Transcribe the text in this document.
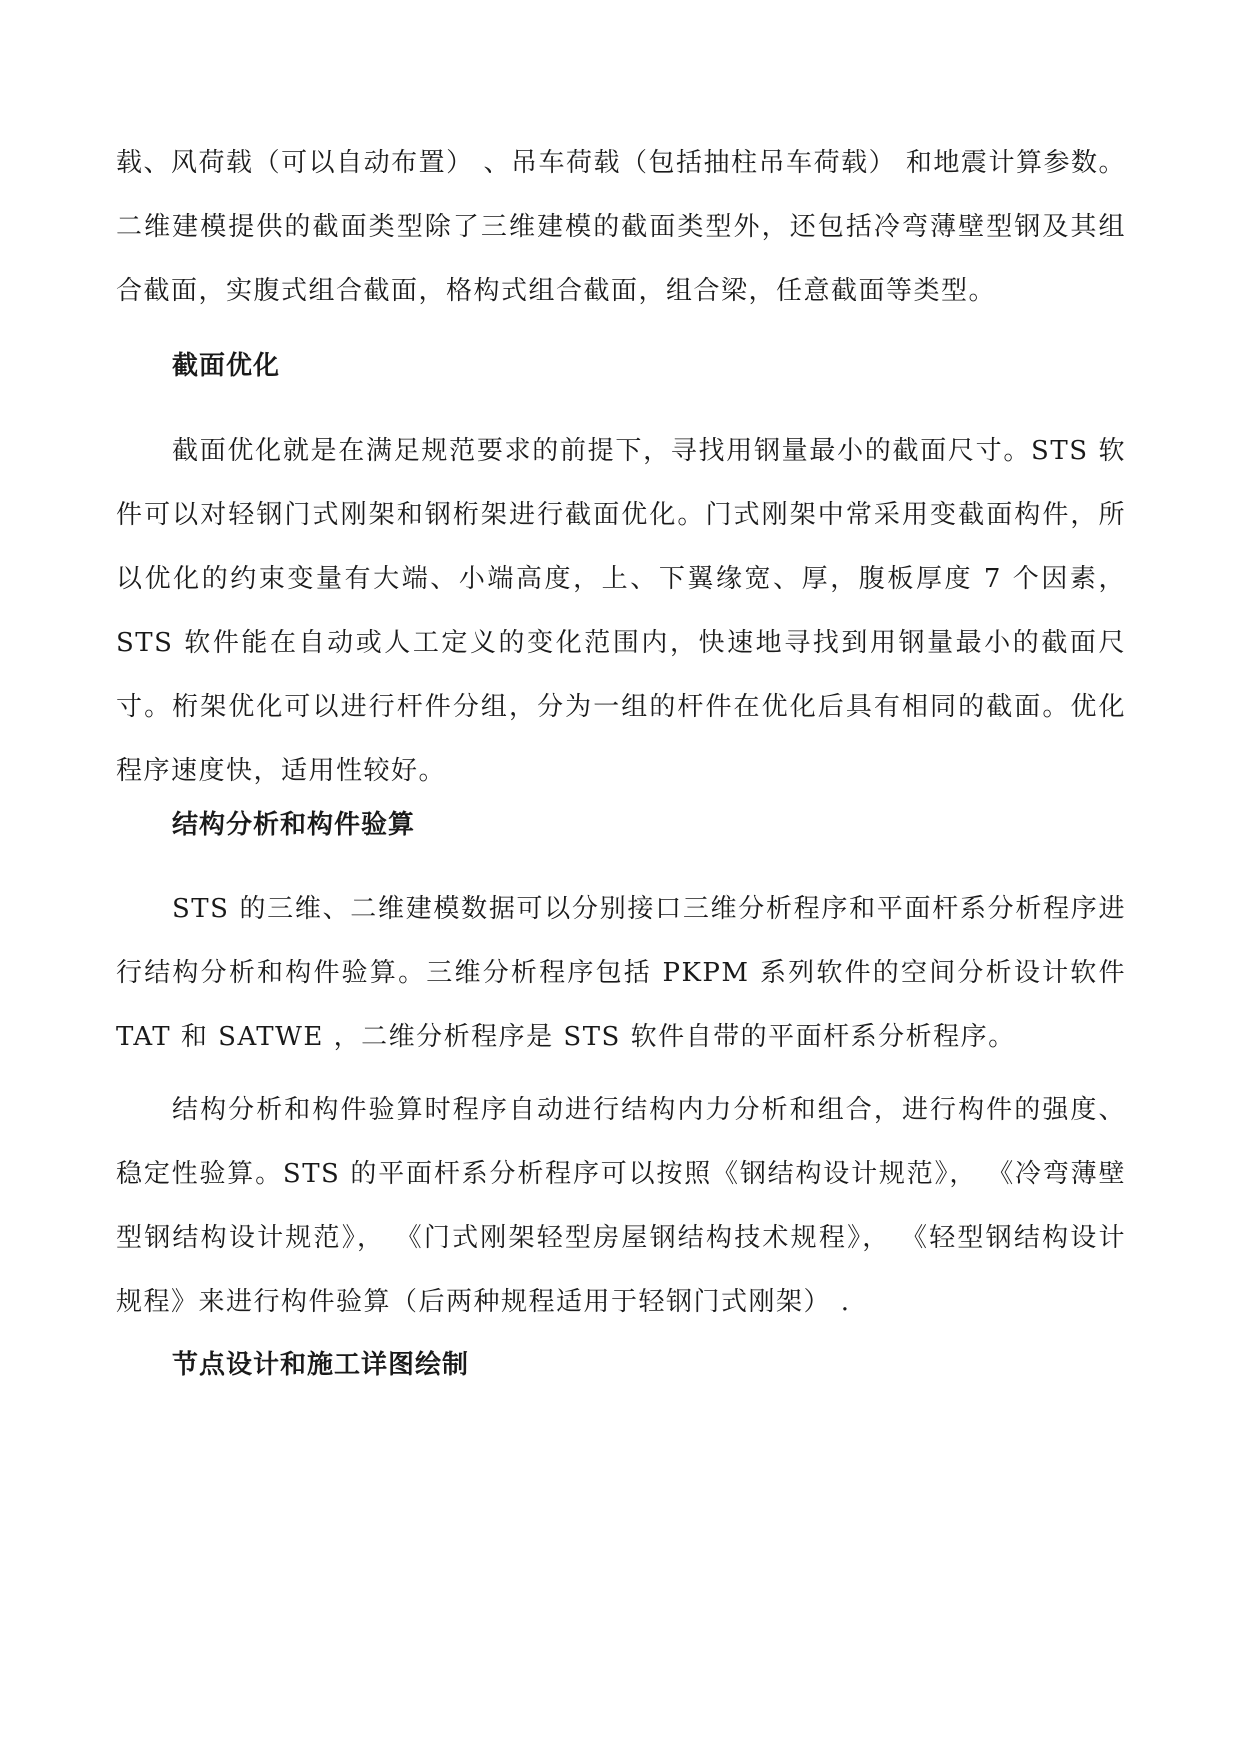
载、风荷载（可以自动布置） 、吊车荷载（包括抽柱吊车荷载） 和地震计算参数。二维建模提供的截面类型除了三维建模的截面类型外，还包括冷弯薄壁型钢及其组合截面，实腹式组合截面，格构式组合截面，组合梁，任意截面等类型。

截面优化

截面优化就是在满足规范要求的前提下，寻找用钢量最小的截面尺寸。STS 软件可以对轻钢门式刚架和钢桁架进行截面优化。门式刚架中常采用变截面构件，所以优化的约束变量有大端、小端高度，上、下翼缘宽、厚，腹板厚度 7 个因素，STS 软件能在自动或人工定义的变化范围内，快速地寻找到用钢量最小的截面尺寸。桁架优化可以进行杆件分组，分为一组的杆件在优化后具有相同的截面。优化程序速度快，适用性较好。

结构分析和构件验算

STS 的三维、二维建模数据可以分别接口三维分析程序和平面杆系分析程序进行结构分析和构件验算。三维分析程序包括 PKPM 系列软件的空间分析设计软件 TAT 和 SATWE ，二维分析程序是 STS 软件自带的平面杆系分析程序。

结构分析和构件验算时程序自动进行结构内力分析和组合，进行构件的强度、稳定性验算。STS 的平面杆系分析程序可以按照《钢结构设计规范》， 《冷弯薄壁型钢结构设计规范》， 《门式刚架轻型房屋钢结构技术规程》， 《轻型钢结构设计规程》来进行构件验算（后两种规程适用于轻钢门式刚架） .

节点设计和施工详图绘制
